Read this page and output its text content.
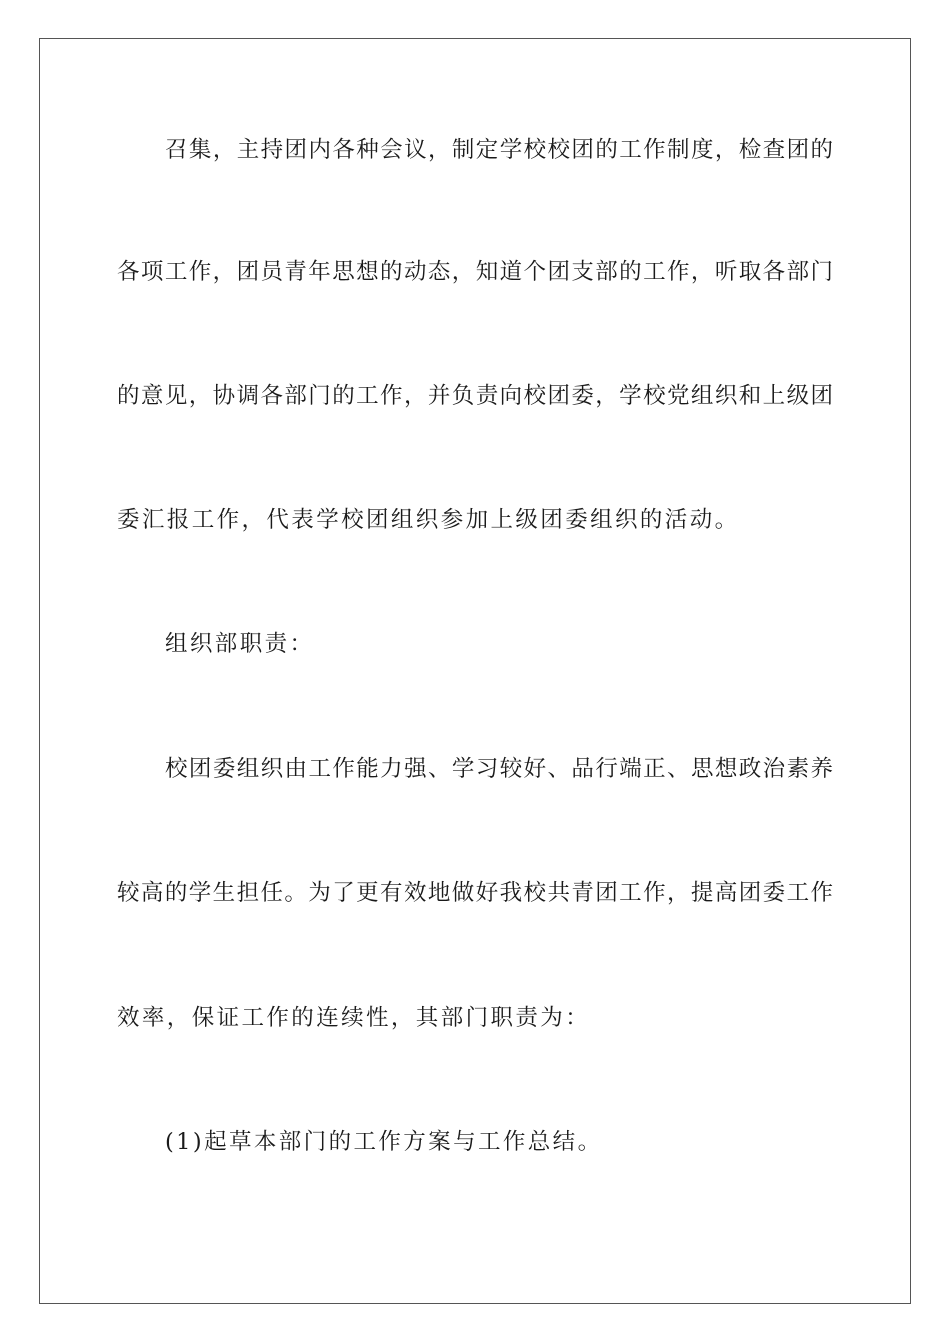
召集，主持团内各种会议，制定学校校团的工作制度，检查团的
各项工作，团员青年思想的动态，知道个团支部的工作，听取各部门
的意见，协调各部门的工作，并负责向校团委，学校党组织和上级团
委汇报工作，代表学校团组织参加上级团委组织的活动。
组织部职责：
校团委组织由工作能力强、学习较好、品行端正、思想政治素养
较高的学生担任。为了更有效地做好我校共青团工作，提高团委工作
效率，保证工作的连续性，其部门职责为：
(1)起草本部门的工作方案与工作总结。
